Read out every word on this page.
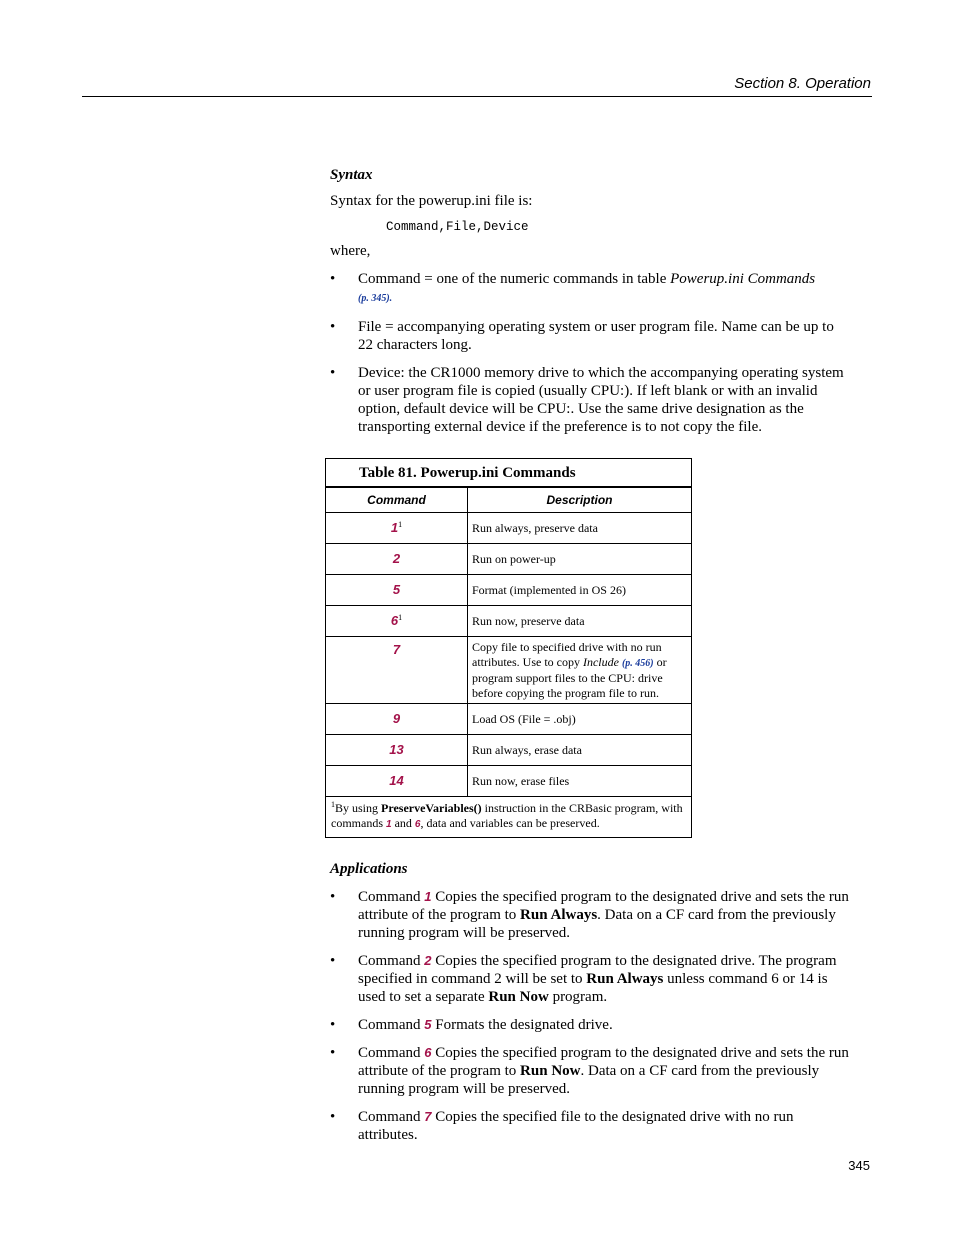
Section 8. Operation

Syntax

Syntax for the powerup.ini file is:

Command,File,Device

where,

• Command = one of the numeric commands in table Powerup.ini Commands
(p. 345).
• File = accompanying operating system or user program file. Name can be up to 22 characters long.
• Device: the CR1000 memory drive to which the accompanying operating system or user program file is copied (usually CPU:). If left blank or with an invalid option, default device will be CPU:. Use the same drive designation as the transporting external device if the preference is to not copy the file.
Table 81. Powerup.ini Commands
Command	Description
$1^1$	Run always, preserve data
2	Run on power-up
5	Format (implemented in OS 26)
$6^1$	Run now, preserve data
7	Copy file to specified drive with no run attributes. Use to copy Include (p. 456) or program support files to the CPU: drive before copying the program file to run.
9	Load OS (File = .obj)
13	Run always, erase data
14	Run now, erase files
$^1$By using PreserveVariables() instruction in the CRBasic program, with commands 1 and 6, data and variables can be preserved.

Applications

• Command 1 Copies the specified program to the designated drive and sets the run attribute of the program to Run Always. Data on a CF card from the previously running program will be preserved.
• Command 2 Copies the specified program to the designated drive. The program specified in command 2 will be set to Run Always unless command 6 or 14 is used to set a separate Run Now program.
• Command 5 Formats the designated drive.
• Command 6 Copies the specified program to the designated drive and sets the run attribute of the program to Run Now. Data on a CF card from the previously running program will be preserved.
• Command 7 Copies the specified file to the designated drive with no run attributes.
345
